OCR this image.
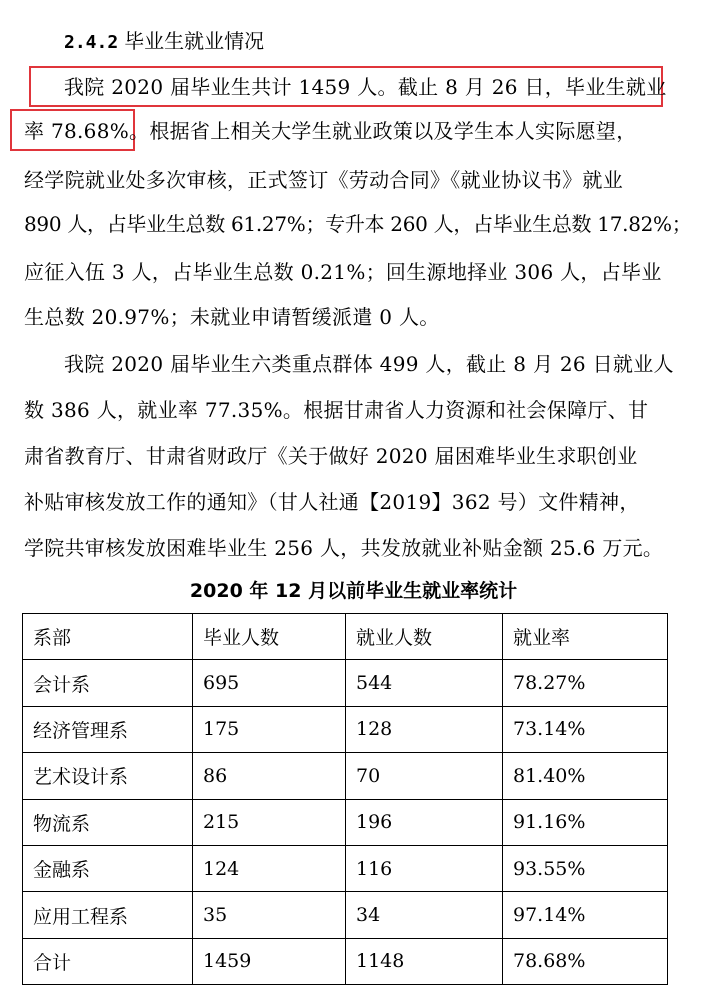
2.4.2 毕业生就业情况
我院 2020 届毕业生共计 1459 人。截止 8 月 26 日，毕业生就业
率 78.68%。根据省上相关大学生就业政策以及学生本人实际愿望，
经学院就业处多次审核，正式签订《劳动合同》《就业协议书》就业
890 人，占毕业生总数 61.27%；专升本 260 人，占毕业生总数 17.82%；
应征入伍 3 人，占毕业生总数 0.21%；回生源地择业 306 人，占毕业
生总数 20.97%；未就业申请暂缓派遣 0 人。
我院 2020 届毕业生六类重点群体 499 人，截止 8 月 26 日就业人
数 386 人，就业率 77.35%。根据甘肃省人力资源和社会保障厅、甘
肃省教育厅、甘肃省财政厅《关于做好 2020 届困难毕业生求职创业
补贴审核发放工作的通知》（甘人社通【2019】362 号）文件精神，
学院共审核发放困难毕业生 256 人，共发放就业补贴金额 25.6 万元。
2020 年 12 月以前毕业生就业率统计
系部	毕业人数	就业人数	就业率
会计系	695	544	78.27%
经济管理系	175	128	73.14%
艺术设计系	86	70	81.40%
物流系	215	196	91.16%
金融系	124	116	93.55%
应用工程系	35	34	97.14%
合计	1459	1148	78.68%
